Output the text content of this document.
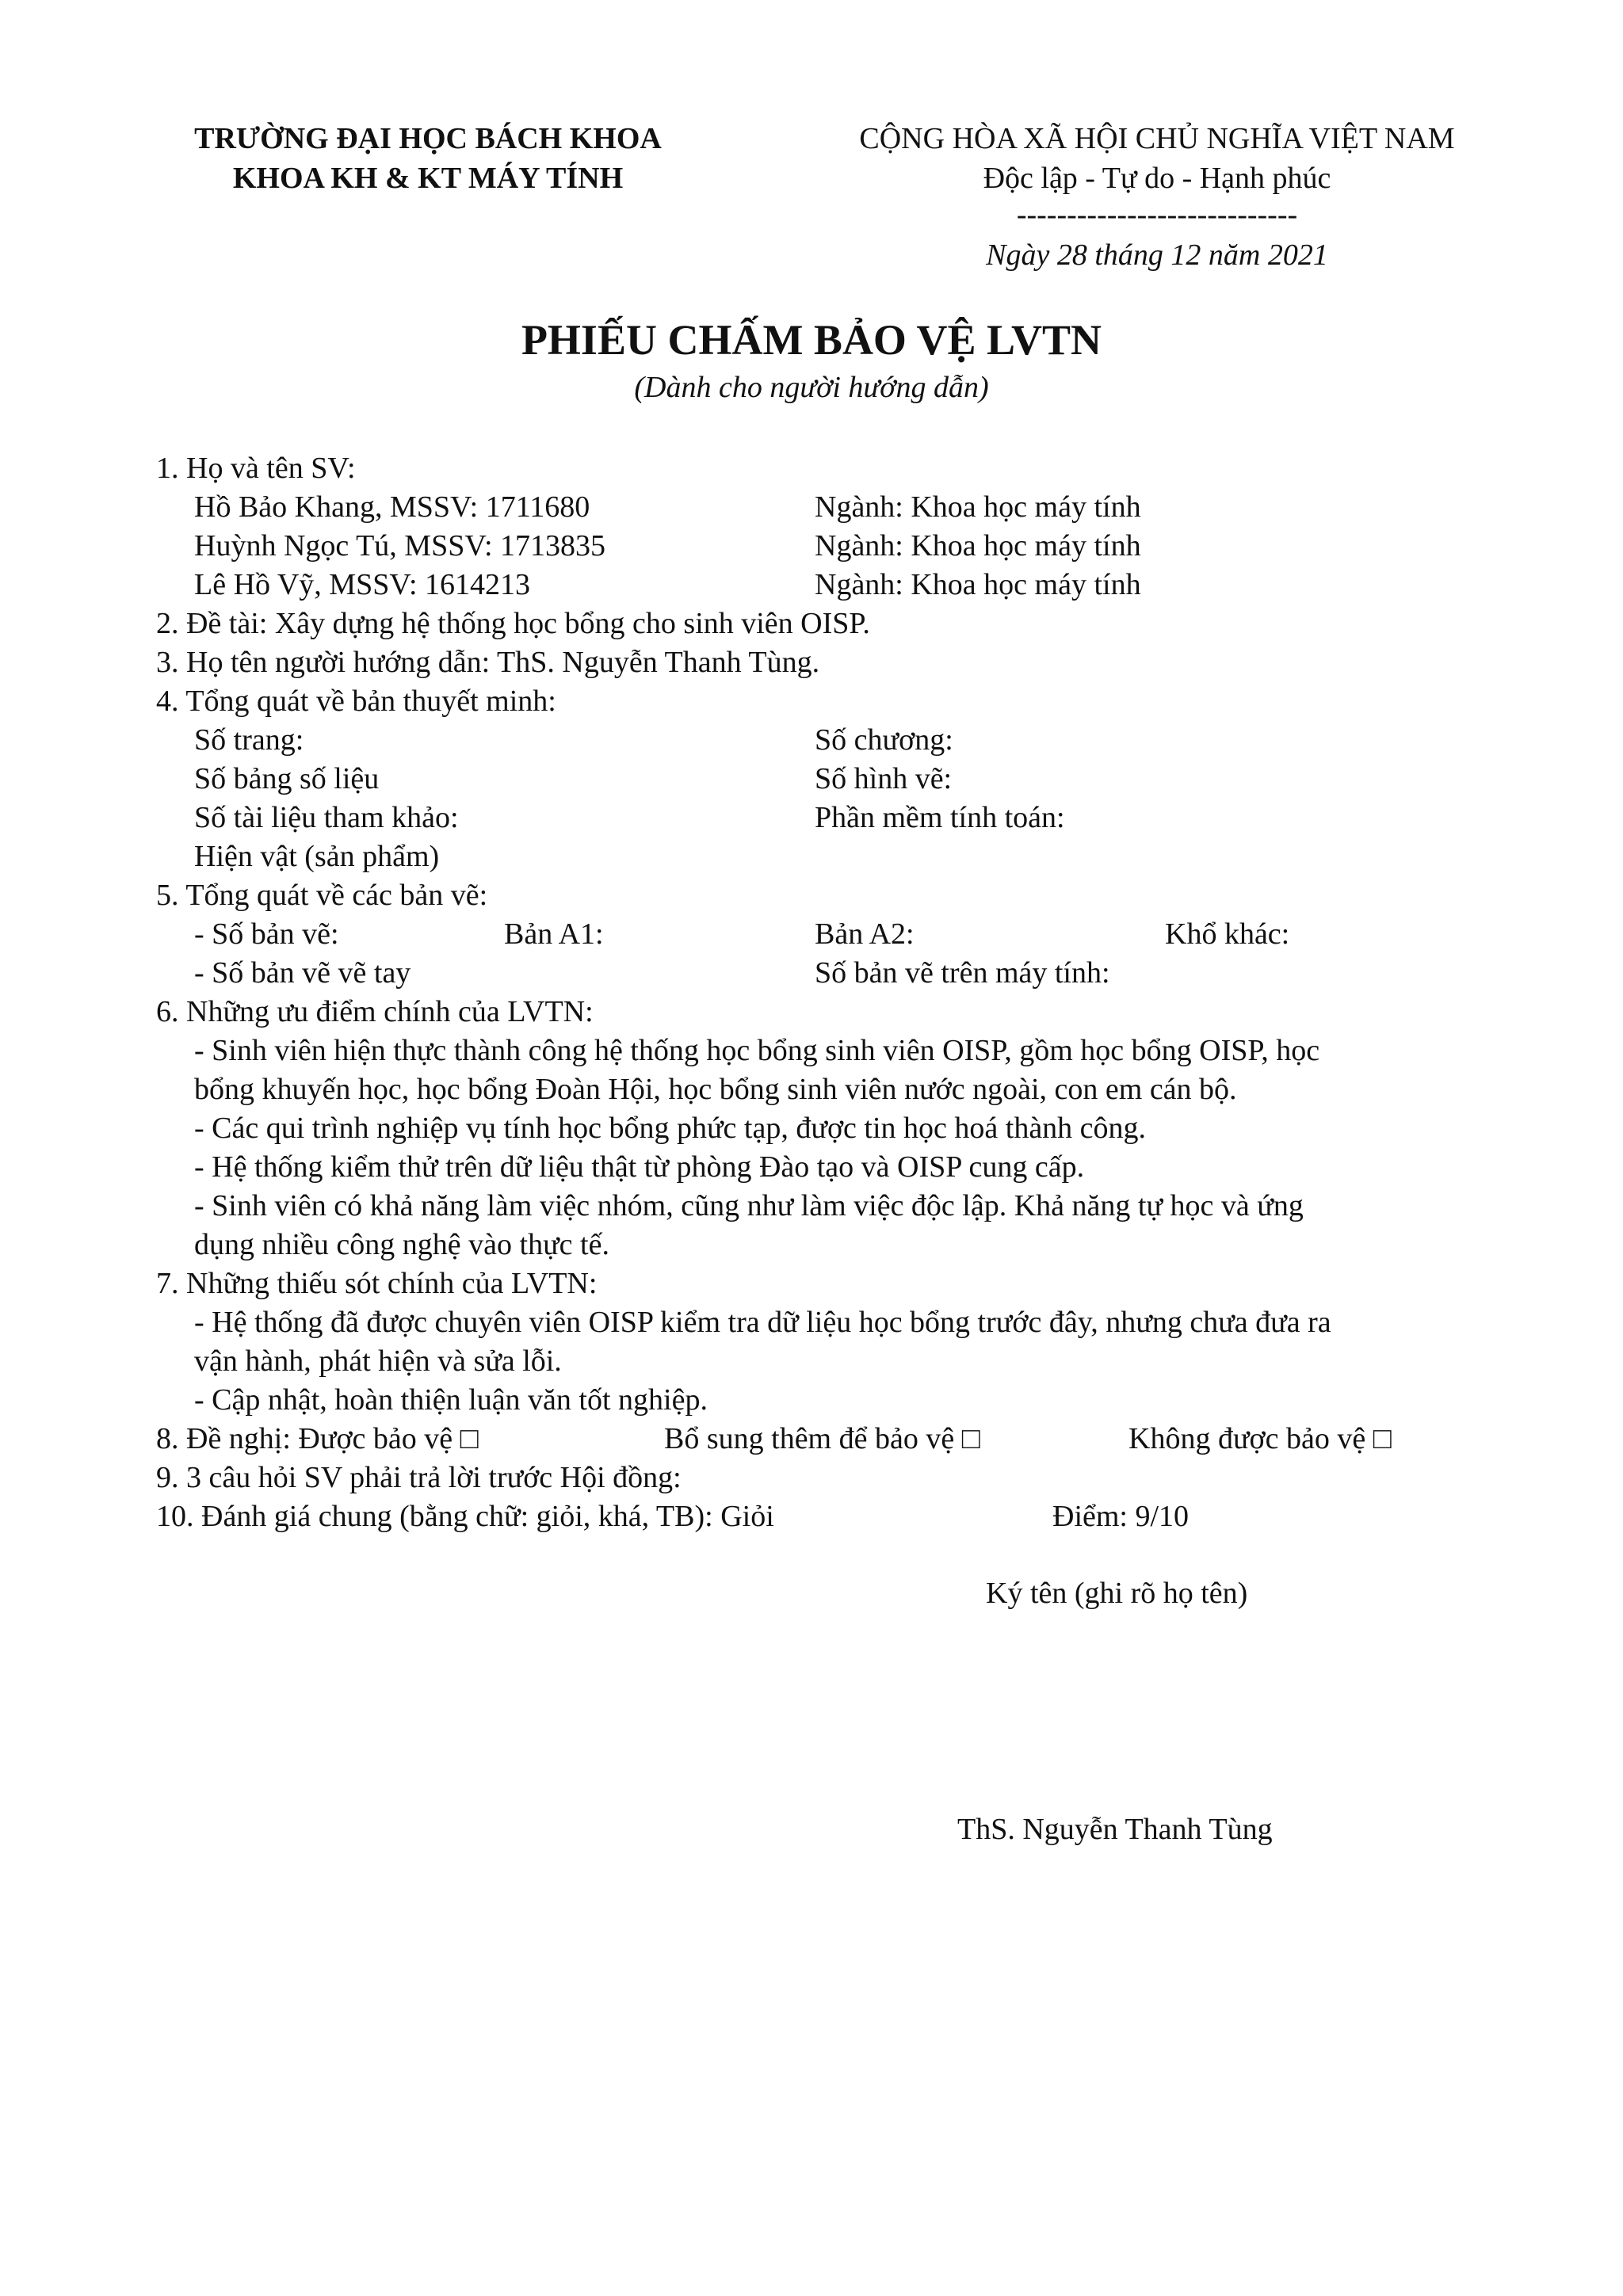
TRƯỜNG ĐẠI HỌC BÁCH KHOA
KHOA KH & KT MÁY TÍNH
CỘNG HÒA XÃ HỘI CHỦ NGHĨA VIỆT NAM
Độc lập - Tự do - Hạnh phúc
----------------------------
Ngày 28 tháng 12 năm 2021
PHIẾU CHẤM BẢO VỆ LVTN
(Dành cho người hướng dẫn)
1. Họ và tên SV:
Hồ Bảo Khang, MSSV: 1711680	Ngành: Khoa học máy tính
Huỳnh Ngọc Tú, MSSV: 1713835	Ngành: Khoa học máy tính
Lê Hồ Vỹ, MSSV: 1614213	Ngành: Khoa học máy tính
2. Đề tài: Xây dựng hệ thống học bổng cho sinh viên OISP.
3. Họ tên người hướng dẫn: ThS. Nguyễn Thanh Tùng.
4. Tổng quát về bản thuyết minh:
Số trang:	Số chương:
Số bảng số liệu	Số hình vẽ:
Số tài liệu tham khảo:	Phần mềm tính toán:
Hiện vật (sản phẩm)
5. Tổng quát về các bản vẽ:
- Số bản vẽ:	Bản A1:	Bản A2:	Khổ khác:
- Số bản vẽ vẽ tay	Số bản vẽ trên máy tính:
6. Những ưu điểm chính của LVTN:
- Sinh viên hiện thực thành công hệ thống học bổng sinh viên OISP, gồm học bổng OISP, học
bổng khuyến học, học bổng Đoàn Hội, học bổng sinh viên nước ngoài, con em cán bộ.
- Các qui trình nghiệp vụ tính học bổng phức tạp, được tin học hoá thành công.
- Hệ thống kiểm thử trên dữ liệu thật từ phòng Đào tạo và OISP cung cấp.
- Sinh viên có khả năng làm việc nhóm, cũng như làm việc độc lập. Khả năng tự học và ứng
dụng nhiều công nghệ vào thực tế.
7. Những thiếu sót chính của LVTN:
- Hệ thống đã được chuyên viên OISP kiểm tra dữ liệu học bổng trước đây, nhưng chưa đưa ra
vận hành, phát hiện và sửa lỗi.
- Cập nhật, hoàn thiện luận văn tốt nghiệp.
8. Đề nghị: Được bảo vệ □	Bổ sung thêm để bảo vệ □	Không được bảo vệ □
9. 3 câu hỏi SV phải trả lời trước Hội đồng:
10. Đánh giá chung (bằng chữ: giỏi, khá, TB): Giỏi	Điểm: 9/10
Ký tên (ghi rõ họ tên)
ThS. Nguyễn Thanh Tùng
